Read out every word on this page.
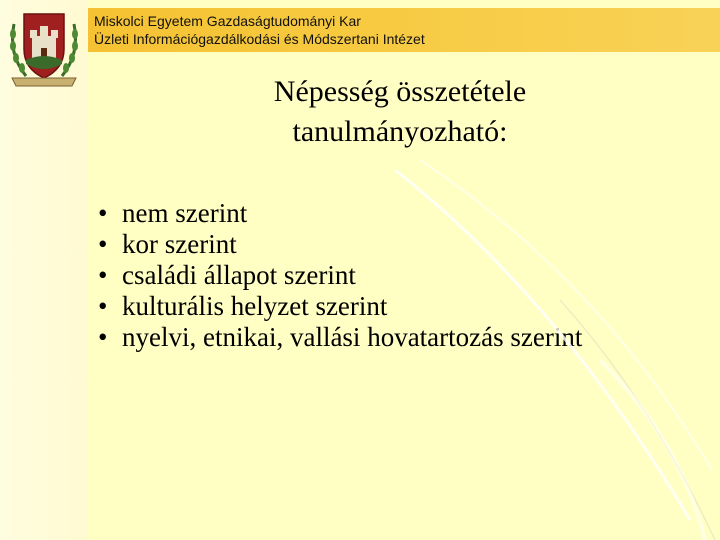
Miskolci Egyetem Gazdaságtudományi Kar
Üzleti Információgazdálkodási és Módszertani Intézet
Népesség összetétele
tanulmányozható:
• nem szerint
• kor szerint
• családi állapot szerint
• kulturális helyzet szerint
• nyelvi, etnikai, vallási hovatartozás szerint
